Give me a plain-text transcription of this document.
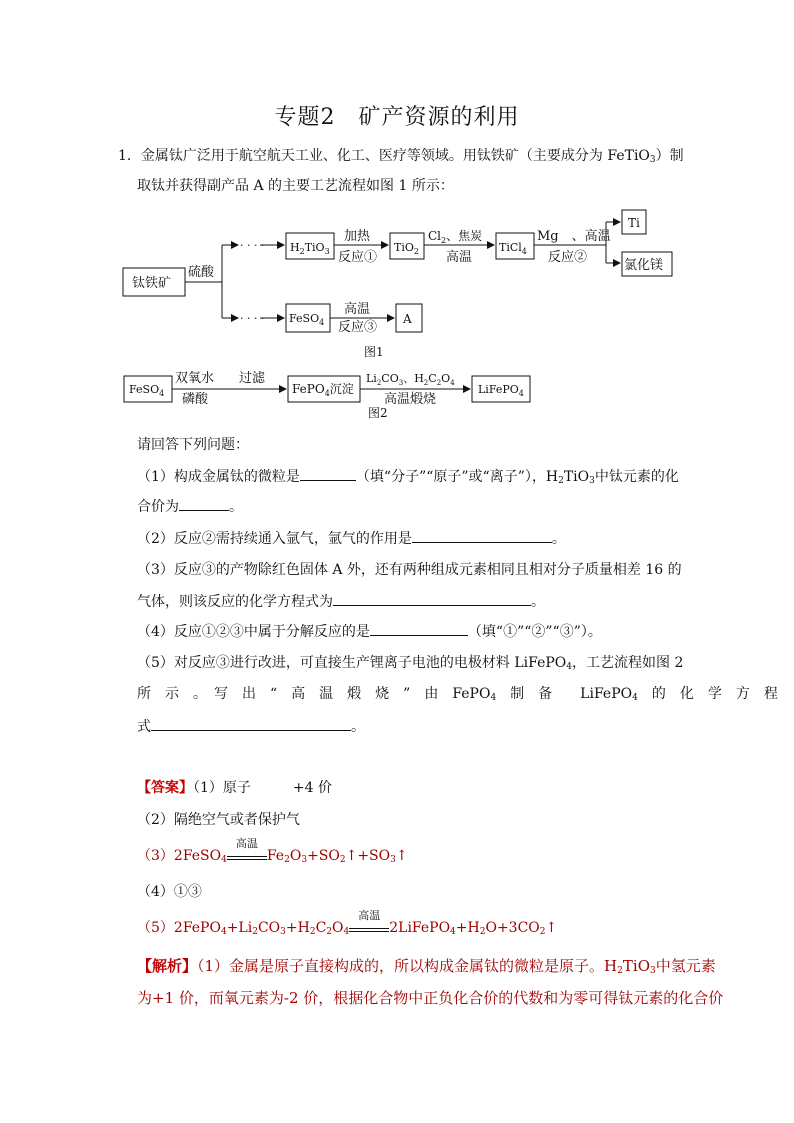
专题2　矿产资源的利用
1．金属钛广泛用于航空航天工业、化工、医疗等领域。用钛铁矿（主要成分为 FeTiO$_3$）制
取钛并获得副产品 A 的主要工艺流程如图 1 所示：
钛铁矿
硫酸
· · · ·
· · · ·
$H_2TiO_3$
加热
反应①
TiO$_2$
$Cl_2$、焦炭
高温
TiCl$_4$
Mg　、高温
反应②
Ti
氯化镁
FeSO$_4$
高温
反应③
A
图1
FeSO$_4$
双氧水
磷酸
过滤
FePO$_4$沉淀
$Li_2CO_3$、$H_2C_2O_4$
高温煅烧
LiFePO$_4$
图2
请回答下列问题：
（1）构成金属钛的微粒是	（填“分子”“原子”或“离子”），$H_2TiO_3$中钛元素的化
合价为	。
（2）反应②需持续通入氩气，氩气的作用是	。
（3）反应③的产物除红色固体 A 外，还有两种组成元素相同且相对分子质量相差 16 的
气体，则该反应的化学方程式为	。
（4）反应①②③中属于分解反应的是	（填“①”“②”“③”）。
（5）对反应③进行改进，可直接生产锂离子电池的电极材料 LiFePO$_4$，工艺流程如图 2
所　示　。　写　出　“　高　温　煅　烧　”　由　FePO$_4$　制　备　　LiFePO$_4$　的　化　学　方　程
式	。
【答案】（1）原子　　　+4 价
（2）隔绝空气或者保护气
（3）2FeSO$_4$
高温
$Fe_2O_3+SO_2↑+SO_3↑$
（4）①③
$(5)2FePO_4+Li_2CO_3+H_2C_2O_4$
高温
$2LiFePO_4+H_2O+3CO_2↑$
【解析】（1）金属是原子直接构成的，所以构成金属钛的微粒是原子。$H_2TiO_3$中氢元素
为+1 价，而氧元素为-2 价，根据化合物中正负化合价的代数和为零可得钛元素的化合价
